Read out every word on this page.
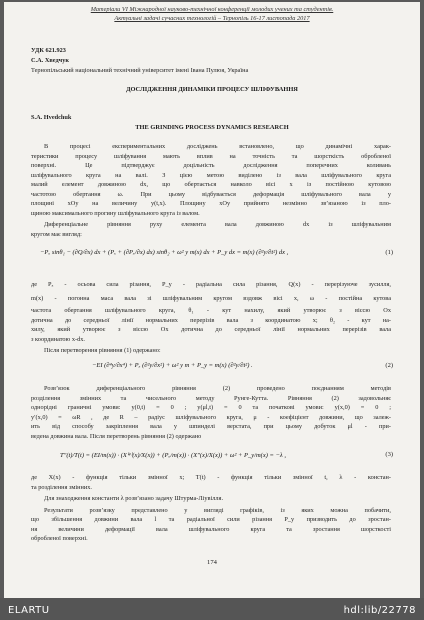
Матеріали VI Міжнародної науково-технічної конференції молодих учених та студентів.
Актуальні задачі сучасних технологій – Тернопіль 16-17 листопада 2017
УДК 621.923
С.А. Хведчук
Тернопільський національний технічний університет імені Івана Пулюя, Україна
ДОСЛІДЖЕННЯ ДИНАМІКИ ПРОЦЕСУ ШЛІФУВАННЯ
S.A. Hvedchuk
THE GRINDING PROCESS DYNAMICS RESEARCH
В процесі експериментальних досліджень встановлено, що динамічні харак-
теристики процесу шліфування мають вплив на точність та шорсткість обробленої
поверхні. Це підтверджує доцільність дослідження поперечних коливань
шліфувального круга на валі. З цією метою виділено із вала шліфувального круга
малий елемент довжиною dx, що обертається навколо вісі x із постійною кутовою
частотою обертання ω. При цьому відбувається деформація шліфувального вала у
площині xOy на величину y(t,x). Площину xOy прийнято незмінно зв’язаною із пло-
щиною максимального прогину шліфувального круга із валом.
Диференціальне рівняння руху елемента вала довжиною dx із шліфувальним
кругом має вигляд:
−Pₓ sinθ₁ − (∂Q/∂x) dx + (Pₓ + (∂Pₓ/∂x) dx) sinθ₂ + ω² y m(x) dx + P_y dx = m(x) (∂²y/∂t²) dx ,	(1)
де Pₓ - осьова сила різання, P_y - радіальна сила різання, Q(x) - перерізуюче зусилля,
m(x) - погонна маса вала зі шліфувальним кругом вздовж вісі x, ω - постійна кутова
частота обертання шліфувального круга, θ₁ - кут нахилу, який утворює з віссю Ox
дотична до середньої лінії нормальних перерізів вала з координатою x; θ₂ - кут на-
хилу, який утворює з віссю Ox дотична до середньої лінії нормальних перерізів вала
з координатою x-dx.
Після перетворення рівняння (1) одержано:
−EI (∂⁴y/∂x⁴) + Pₓ (∂²y/∂x²) + ω² y m + P_y = m(x) (∂²y/∂t²) .	(2)
Розв’язок диференціального рівняння (2) проведено поєднанням методів
розділення змінних та чисельного методу Рунге-Кутта. Рівняння (2) задовольняє
однорідні граничні умови: y(0,t) = 0 ; y(μl,t) = 0 та початкові умови: y(x,0) = 0 ;
y′(x,0) = ωR , де R – радіус шліфувального круга, μ - коефіцієнт довжини, що залеж-
ить від способу закріплення вала у шпинделі верстата, при цьому добуток μl - при-
ведена довжина вала. Після перетворень рівняння (2) одержано
T″(t)/T(t) = (EI/m(x)) · (X⁽⁴⁾(x)/X(x)) + (Pₓ/m(x)) · (X″(x)/X(x)) + ω² + P_y/m(x) = −λ ,	(3)
де X(x) - функція тільки змінної x; T(t) - функція тільки змінної t, λ - констан-
та розділення змінних.
Для знаходження константи λ розв’язано задачу Штурма-Ліувілля.
Результати розв’язку представлено у вигляді графіків, із яких можна побачити,
що збільшення довжини вала l та радіальної сили різання P_y призводить до зростан-
ня величини деформації вала шліфувального круга та зростання шорсткості
обробленої поверхні.
174
ELARTU	hdl:lib/22778
